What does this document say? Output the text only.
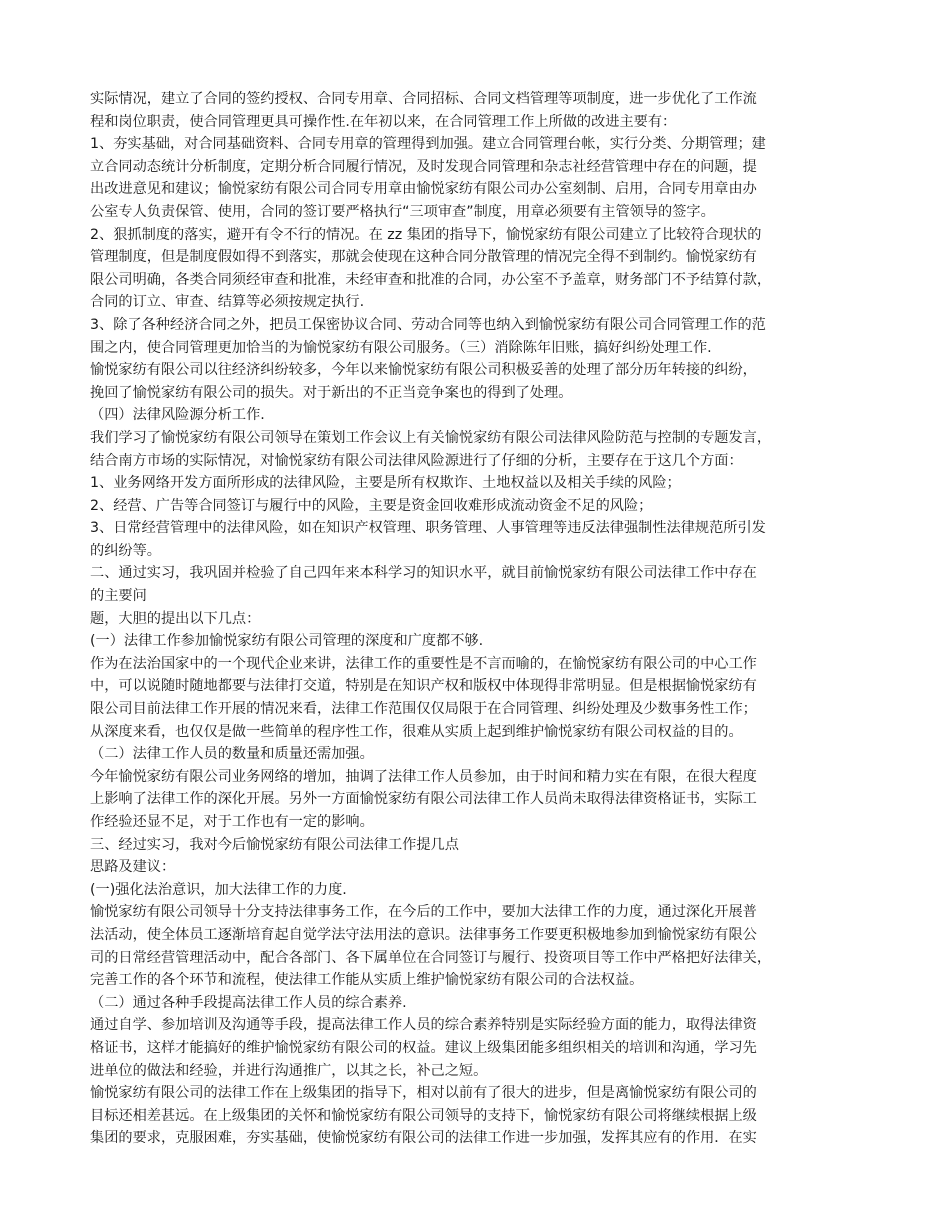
实际情况，建立了合同的签约授权、合同专用章、合同招标、合同文档管理等项制度，进一步优化了工作流
程和岗位职责，使合同管理更具可操作性.在年初以来，在合同管理工作上所做的改进主要有：
1、夯实基础，对合同基础资料、合同专用章的管理得到加强。建立合同管理台帐，实行分类、分期管理；建
立合同动态统计分析制度，定期分析合同履行情况，及时发现合同管理和杂志社经营管理中存在的问题，提
出改进意见和建议；愉悦家纺有限公司合同专用章由愉悦家纺有限公司办公室刻制、启用，合同专用章由办
公室专人负责保管、使用，合同的签订要严格执行“三项审查”制度，用章必须要有主管领导的签字。
2、狠抓制度的落实，避开有令不行的情况。在 zz 集团的指导下，愉悦家纺有限公司建立了比较符合现状的
管理制度，但是制度假如得不到落实，那就会使现在这种合同分散管理的情况完全得不到制约。愉悦家纺有
限公司明确，各类合同须经审查和批准，未经审查和批准的合同，办公室不予盖章，财务部门不予结算付款，
合同的订立、审查、结算等必须按规定执行.
3、除了各种经济合同之外，把员工保密协议合同、劳动合同等也纳入到愉悦家纺有限公司合同管理工作的范
围之内，使合同管理更加恰当的为愉悦家纺有限公司服务。（三）消除陈年旧账，搞好纠纷处理工作.
愉悦家纺有限公司以往经济纠纷较多，今年以来愉悦家纺有限公司积极妥善的处理了部分历年转接的纠纷，
挽回了愉悦家纺有限公司的损失。对于新出的不正当竞争案也的得到了处理。
（四）法律风险源分析工作.
我们学习了愉悦家纺有限公司领导在策划工作会议上有关愉悦家纺有限公司法律风险防范与控制的专题发言，
结合南方市场的实际情况，对愉悦家纺有限公司法律风险源进行了仔细的分析，主要存在于这几个方面：
1、业务网络开发方面所形成的法律风险，主要是所有权欺诈、土地权益以及相关手续的风险；
2、经营、广告等合同签订与履行中的风险，主要是资金回收难形成流动资金不足的风险；
3、日常经营管理中的法律风险，如在知识产权管理、职务管理、人事管理等违反法律强制性法律规范所引发
的纠纷等。
二、通过实习，我巩固并检验了自己四年来本科学习的知识水平，就目前愉悦家纺有限公司法律工作中存在
的主要问
题，大胆的提出以下几点：
(一）法律工作参加愉悦家纺有限公司管理的深度和广度都不够.
作为在法治国家中的一个现代企业来讲，法律工作的重要性是不言而喻的，在愉悦家纺有限公司的中心工作
中，可以说随时随地都要与法律打交道，特别是在知识产权和版权中体现得非常明显。但是根据愉悦家纺有
限公司目前法律工作开展的情况来看，法律工作范围仅仅局限于在合同管理、纠纷处理及少数事务性工作；
从深度来看，也仅仅是做一些简单的程序性工作，很难从实质上起到维护愉悦家纺有限公司权益的目的。
（二）法律工作人员的数量和质量还需加强。
今年愉悦家纺有限公司业务网络的增加，抽调了法律工作人员参加，由于时间和精力实在有限，在很大程度
上影响了法律工作的深化开展。另外一方面愉悦家纺有限公司法律工作人员尚未取得法律资格证书，实际工
作经验还显不足，对于工作也有一定的影响。
三、经过实习，我对今后愉悦家纺有限公司法律工作提几点
思路及建议：
(一)强化法治意识，加大法律工作的力度.
愉悦家纺有限公司领导十分支持法律事务工作，在今后的工作中，要加大法律工作的力度，通过深化开展普
法活动，使全体员工逐渐培育起自觉学法守法用法的意识。法律事务工作要更积极地参加到愉悦家纺有限公
司的日常经营管理活动中，配合各部门、各下属单位在合同签订与履行、投资项目等工作中严格把好法律关，
完善工作的各个环节和流程，使法律工作能从实质上维护愉悦家纺有限公司的合法权益。
（二）通过各种手段提高法律工作人员的综合素养.
通过自学、参加培训及沟通等手段，提高法律工作人员的综合素养特别是实际经验方面的能力，取得法律资
格证书，这样才能搞好的维护愉悦家纺有限公司的权益。建议上级集团能多组织相关的培训和沟通，学习先
进单位的做法和经验，并进行沟通推广，以其之长，补己之短。
愉悦家纺有限公司的法律工作在上级集团的指导下，相对以前有了很大的进步，但是离愉悦家纺有限公司的
目标还相差甚远。在上级集团的关怀和愉悦家纺有限公司领导的支持下，愉悦家纺有限公司将继续根据上级
集团的要求，克服困难，夯实基础，使愉悦家纺有限公司的法律工作进一步加强，发挥其应有的作用．在实
